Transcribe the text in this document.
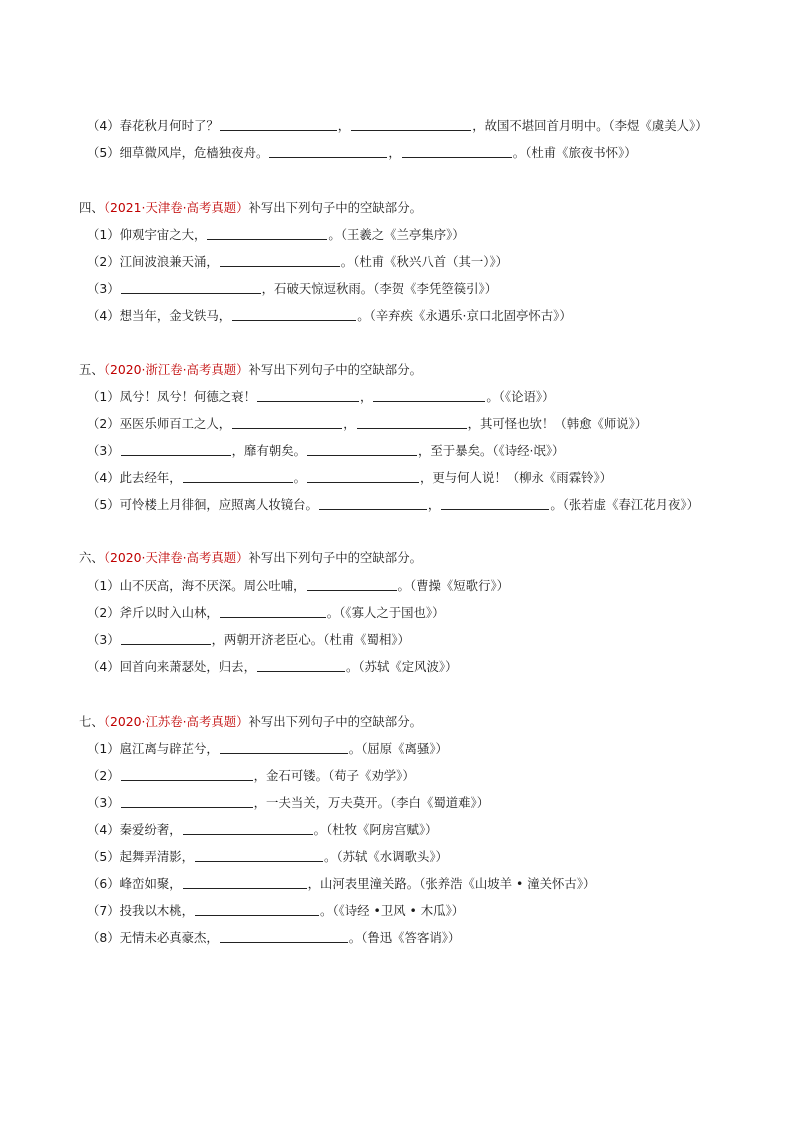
（4）春花秋月何时了？	，	，故国不堪回首月明中。（李煜《虞美人》）
（5）细草微风岸，危樯独夜舟。	，	。（杜甫《旅夜书怀》）
四、（2021·天津卷·高考真题）补写出下列句子中的空缺部分。
（1）仰观宇宙之大，	。（王羲之《兰亭集序》）
（2）江间波浪兼天涌，	。（杜甫《秋兴八首（其一）》）
（3）	，石破天惊逗秋雨。（李贺《李凭箜篌引》）
（4）想当年，金戈铁马，	。（辛弃疾《永遇乐·京口北固亭怀古》）
五、（2020·浙江卷·高考真题）补写出下列句子中的空缺部分。
（1）凤兮！凤兮！何德之衰！	，	。（《论语》）
（2）巫医乐师百工之人，	，	，其可怪也欤！（韩愈《师说》）
（3）	，靡有朝矣。	，至于暴矣。（《诗经·氓》）
（4）此去经年，	。	，更与何人说！（柳永《雨霖铃》）
（5）可怜楼上月徘徊，应照离人妆镜台。	，	。（张若虚《春江花月夜》）
六、（2020·天津卷·高考真题）补写出下列句子中的空缺部分。
（1）山不厌高，海不厌深。周公吐哺，	。（曹操《短歌行》）
（2）斧斤以时入山林，	。（《寡人之于国也》）
（3）	，两朝开济老臣心。（杜甫《蜀相》）
（4）回首向来萧瑟处，归去，	。（苏轼《定风波》）
七、（2020·江苏卷·高考真题）补写出下列句子中的空缺部分。
（1）扈江离与辟芷兮，	。（屈原《离骚》）
（2）	，金石可镂。（荀子《劝学》）
（3）	，一夫当关，万夫莫开。（李白《蜀道难》）
（4）秦爱纷奢，	。（杜牧《阿房宫赋》）
（5）起舞弄清影，	。（苏轼《水调歌头》）
（6）峰峦如聚，	，山河表里潼关路。（张养浩《山坡羊 • 潼关怀古》）
（7）投我以木桃，	。（《诗经 •卫风 • 木瓜》）
（8）无情未必真豪杰，	。（鲁迅《答客诮》）
